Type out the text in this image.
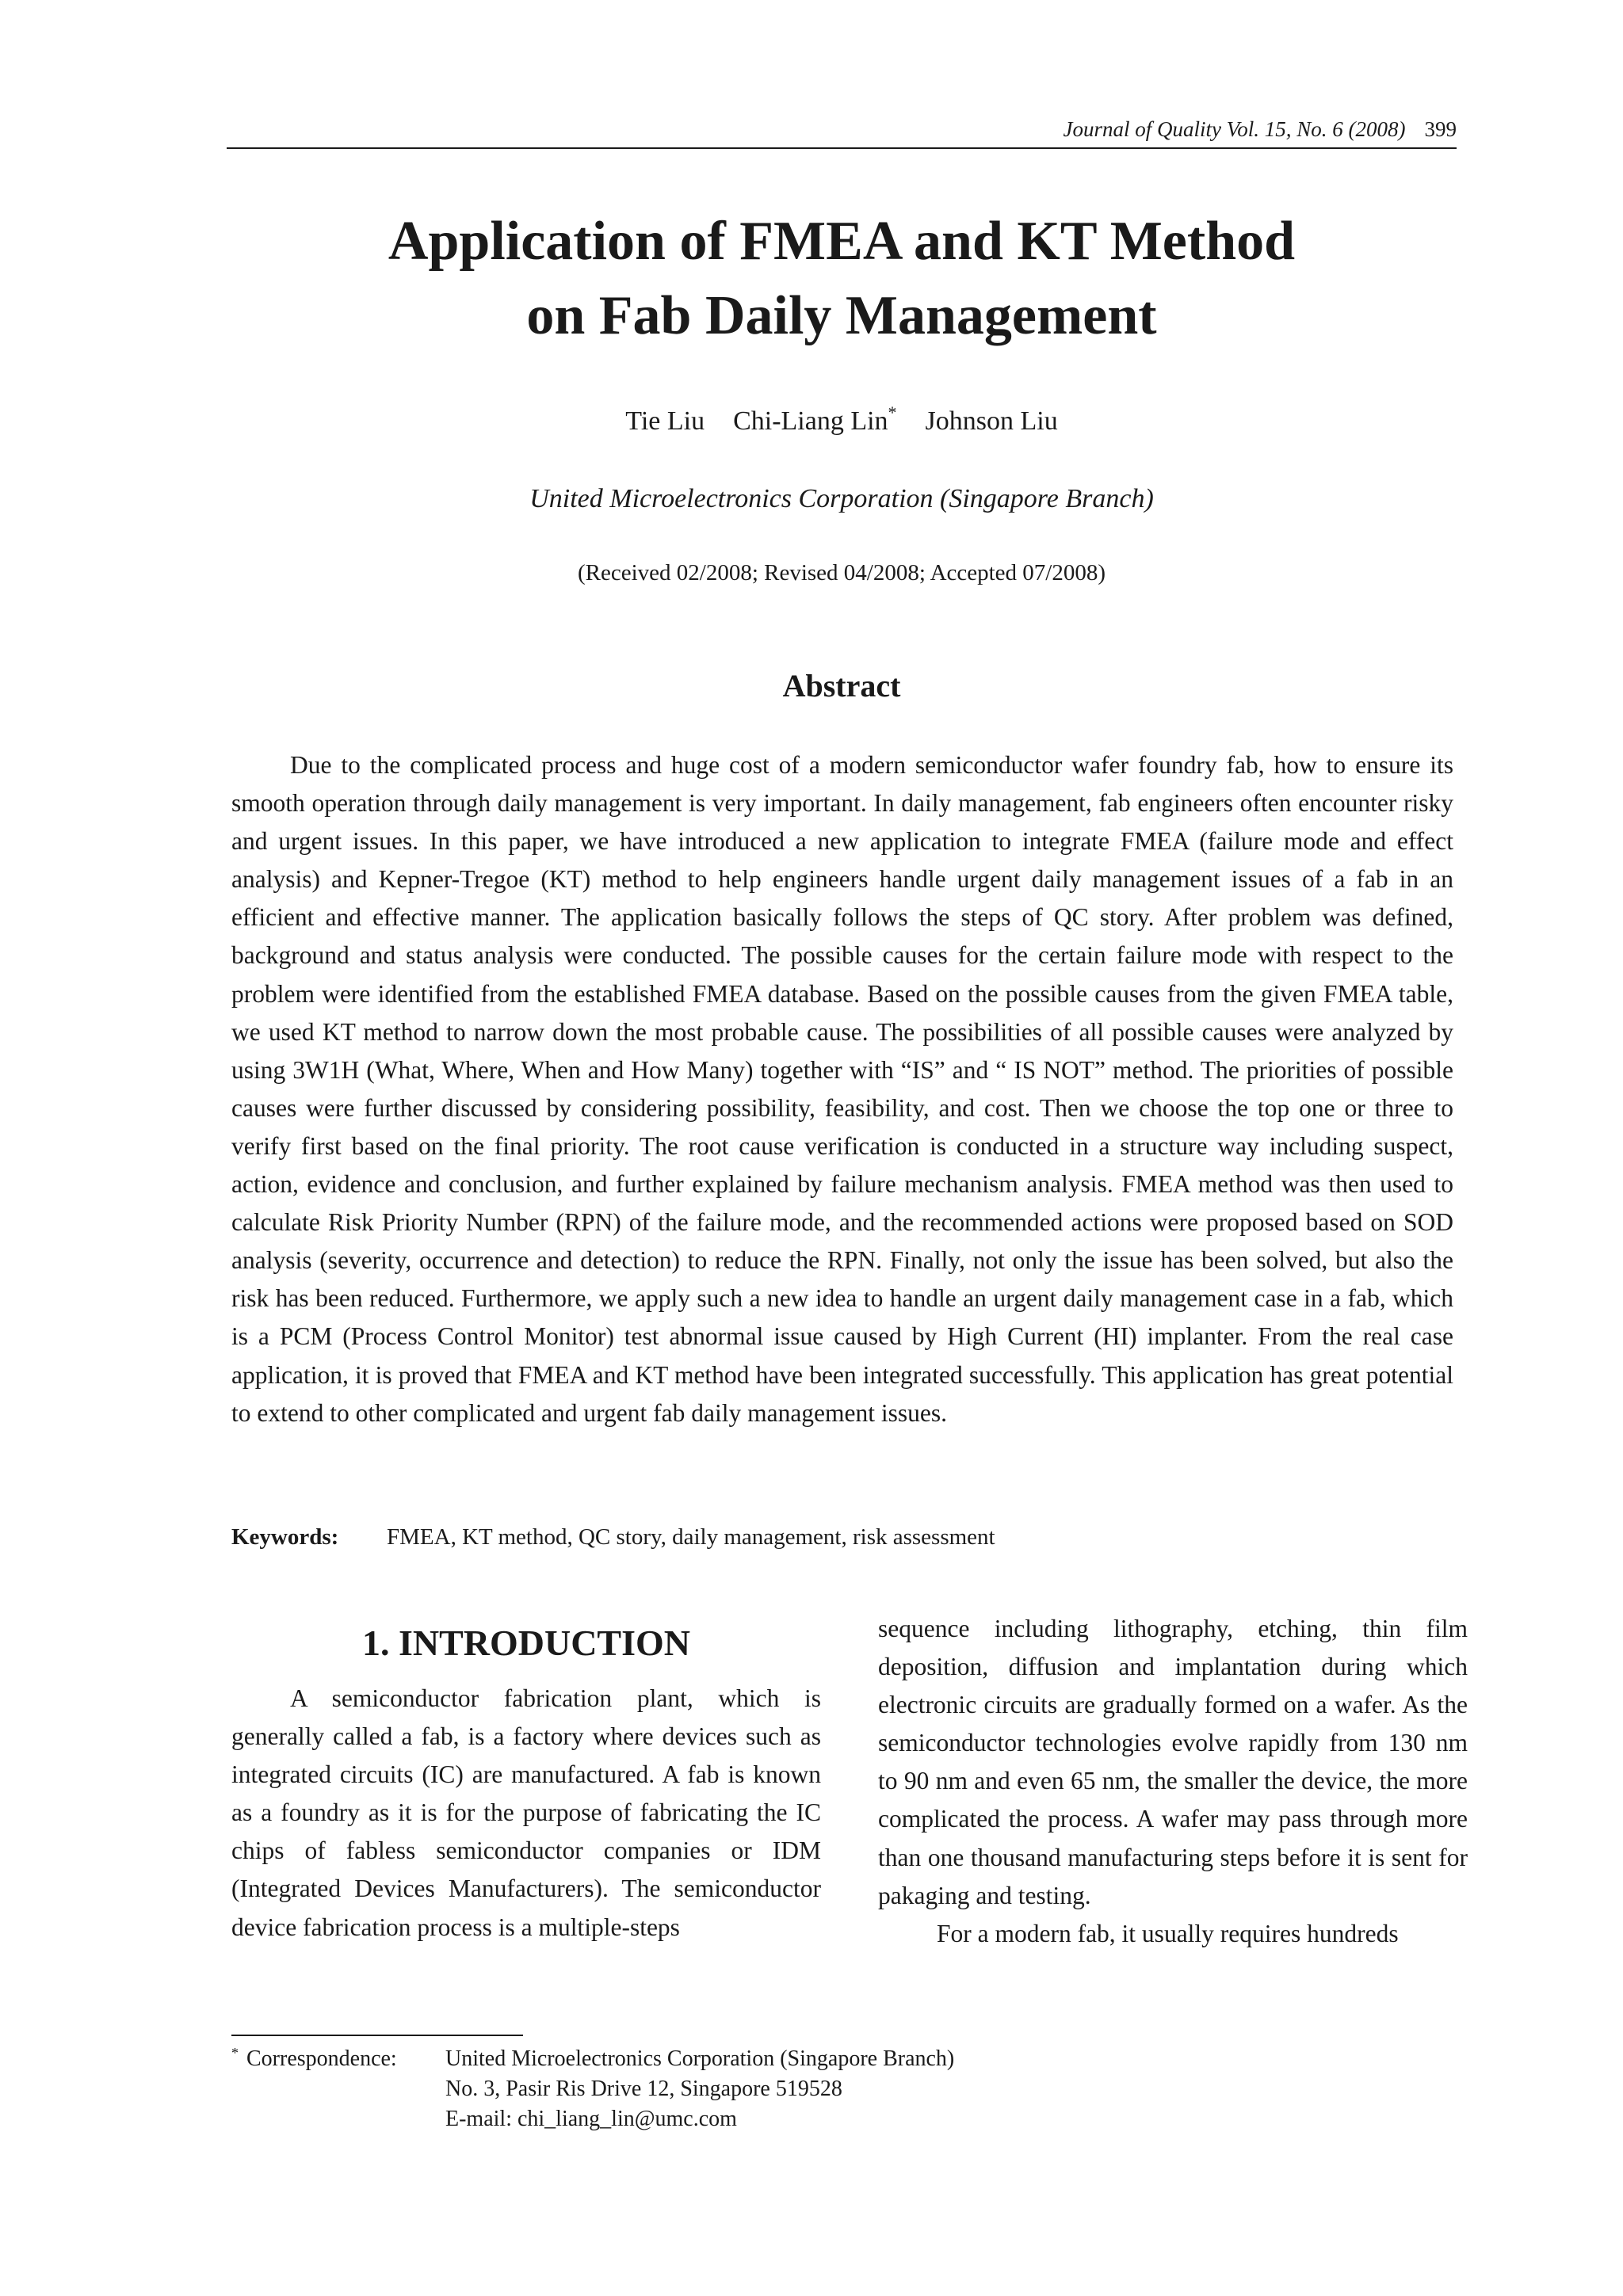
Journal of Quality Vol. 15, No. 6 (2008) 399
Application of FMEA and KT Method
on Fab Daily Management
Tie Liu Chi-Liang Lin* Johnson Liu
United Microelectronics Corporation (Singapore Branch)
(Received 02/2008; Revised 04/2008; Accepted 07/2008)
Abstract

Due to the complicated process and huge cost of a modern semiconductor wafer foundry fab, how to ensure its smooth operation through daily management is very important. In daily management, fab engineers often encounter risky and urgent issues. In this paper, we have introduced a new application to integrate FMEA (failure mode and effect analysis) and Kepner-Tregoe (KT) method to help engineers handle urgent daily management issues of a fab in an efficient and effective manner. The application basically follows the steps of QC story. After problem was defined, background and status analysis were conducted. The possible causes for the certain failure mode with respect to the problem were identified from the established FMEA database. Based on the possible causes from the given FMEA table, we used KT method to narrow down the most probable cause. The possibilities of all possible causes were analyzed by using 3W1H (What, Where, When and How Many) together with “IS” and “ IS NOT” method. The priorities of possible causes were further discussed by considering possibility, feasibility, and cost. Then we choose the top one or three to verify first based on the final priority. The root cause verification is conducted in a structure way including suspect, action, evidence and conclusion, and further explained by failure mechanism analysis. FMEA method was then used to calculate Risk Priority Number (RPN) of the failure mode, and the recommended actions were proposed based on SOD analysis (severity, occurrence and detection) to reduce the RPN. Finally, not only the issue has been solved, but also the risk has been reduced. Furthermore, we apply such a new idea to handle an urgent daily management case in a fab, which is a PCM (Process Control Monitor) test abnormal issue caused by High Current (HI) implanter. From the real case application, it is proved that FMEA and KT method have been integrated successfully. This application has great potential to extend to other complicated and urgent fab daily management issues.

Keywords: FMEA, KT method, QC story, daily management, risk assessment
1. INTRODUCTION

A semiconductor fabrication plant, which is generally called a fab, is a factory where devices such as integrated circuits (IC) are manufactured. A fab is known as a foundry as it is for the purpose of fabricating the IC chips of fabless semiconductor companies or IDM (Integrated Devices Manufacturers). The semiconductor device fabrication process is a multiple-steps

sequence including lithography, etching, thin film deposition, diffusion and implantation during which electronic circuits are gradually formed on a wafer. As the semiconductor technologies evolve rapidly from 130 nm to 90 nm and even 65 nm, the smaller the device, the more complicated the process. A wafer may pass through more than one thousand manufacturing steps before it is sent for pakaging and testing.

For a modern fab, it usually requires hundreds

* Correspondence:	United Microelectronics Corporation (Singapore Branch)
No. 3, Pasir Ris Drive 12, Singapore 519528
E-mail: chi_liang_lin@umc.com
